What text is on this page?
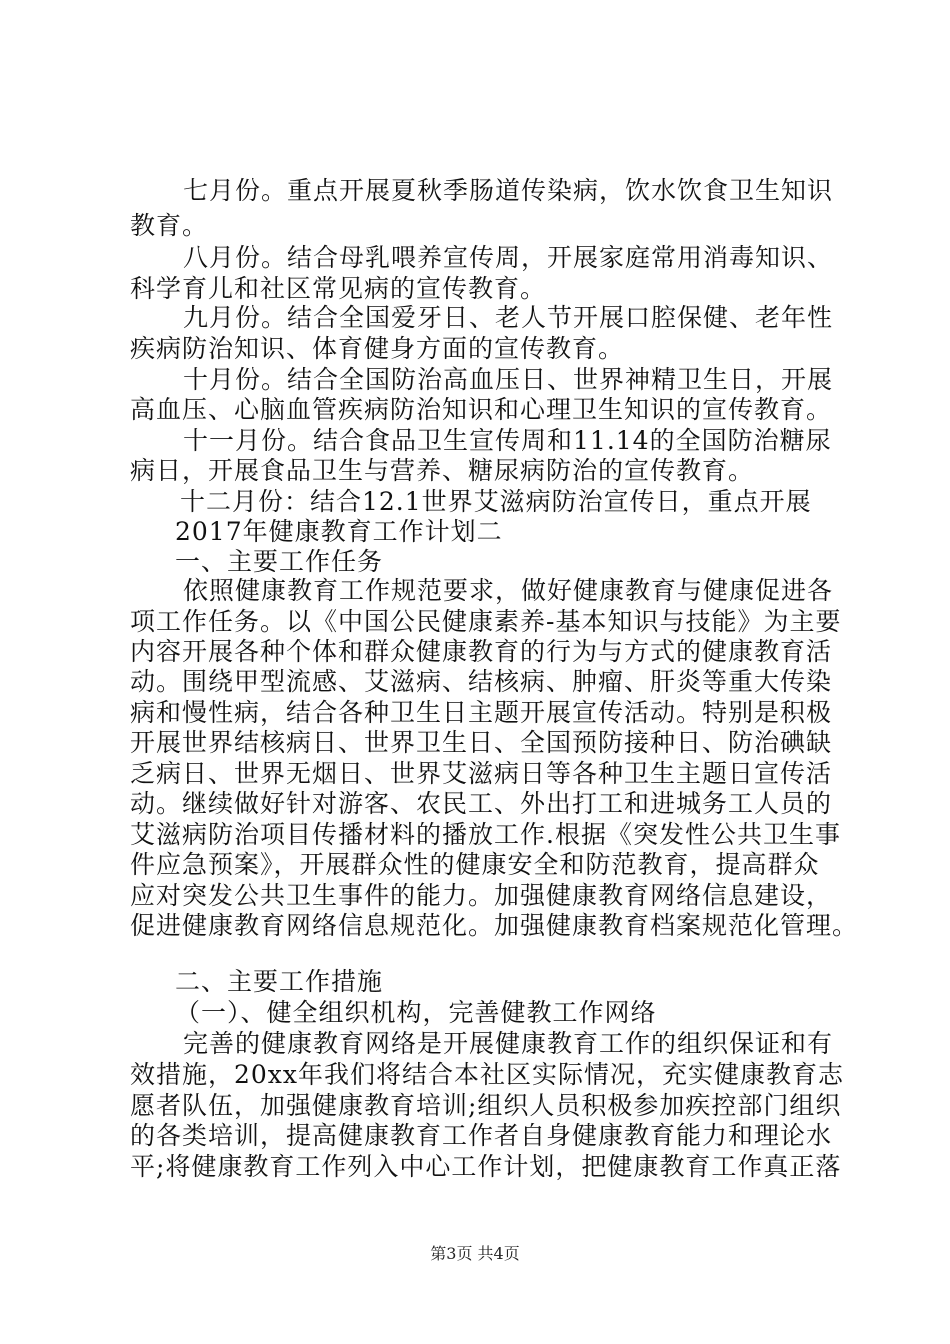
七月份。重点开展夏秋季肠道传染病，饮水饮食卫生知识
教育。
八月份。结合母乳喂养宣传周，开展家庭常用消毒知识、
科学育儿和社区常见病的宣传教育。
九月份。结合全国爱牙日、老人节开展口腔保健、老年性
疾病防治知识、体育健身方面的宣传教育。
十月份。结合全国防治高血压日、世界神精卫生日，开展
高血压、心脑血管疾病防治知识和心理卫生知识的宣传教育。
十一月份。结合食品卫生宣传周和11.14的全国防治糖尿
病日，开展食品卫生与营养、糖尿病防治的宣传教育。
十二月份：结合12.1世界艾滋病防治宣传日，重点开展
2017年健康教育工作计划二
一、主要工作任务
依照健康教育工作规范要求，做好健康教育与健康促进各
项工作任务。以《中国公民健康素养-基本知识与技能》为主要
内容开展各种个体和群众健康教育的行为与方式的健康教育活
动。围绕甲型流感、艾滋病、结核病、肿瘤、肝炎等重大传染
病和慢性病，结合各种卫生日主题开展宣传活动。特别是积极
开展世界结核病日、世界卫生日、全国预防接种日、防治碘缺
乏病日、世界无烟日、世界艾滋病日等各种卫生主题日宣传活
动。继续做好针对游客、农民工、外出打工和进城务工人员的
艾滋病防治项目传播材料的播放工作.根据《突发性公共卫生事
件应急预案》，开展群众性的健康安全和防范教育，提高群众
应对突发公共卫生事件的能力。加强健康教育网络信息建设，
促进健康教育网络信息规范化。加强健康教育档案规范化管理。
二、主要工作措施
（一）、健全组织机构，完善健教工作网络
完善的健康教育网络是开展健康教育工作的组织保证和有
效措施，20xx年我们将结合本社区实际情况，充实健康教育志
愿者队伍，加强健康教育培训;组织人员积极参加疾控部门组织
的各类培训，提高健康教育工作者自身健康教育能力和理论水
平;将健康教育工作列入中心工作计划，把健康教育工作真正落
第3页 共4页
